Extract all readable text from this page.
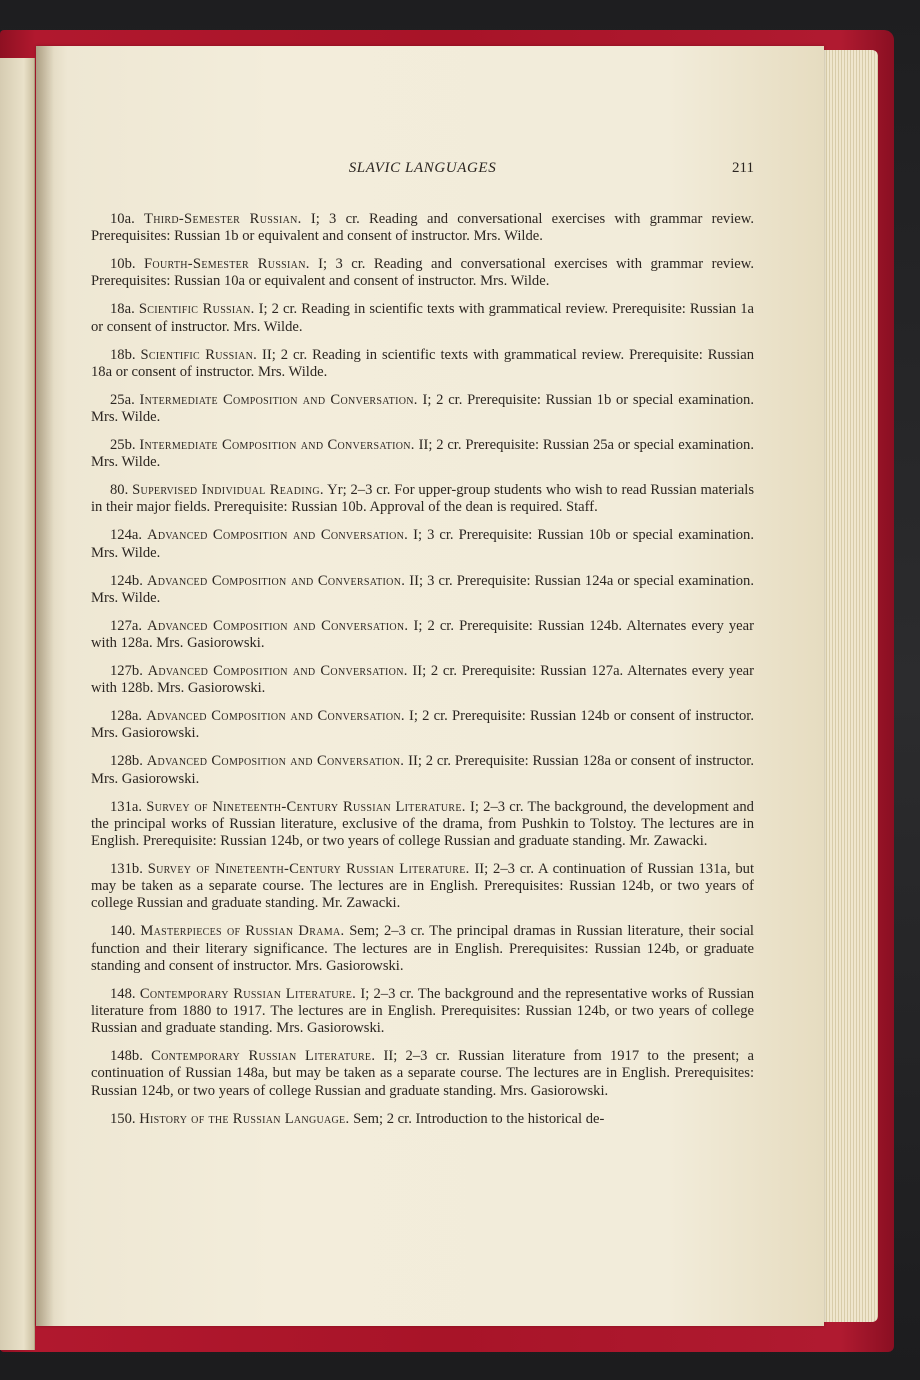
SLAVIC LANGUAGES	211

10a. Third-Semester Russian. I; 3 cr. Reading and conversational exercises with grammar review. Prerequisites: Russian 1b or equivalent and consent of instructor. Mrs. Wilde.

10b. Fourth-Semester Russian. I; 3 cr. Reading and conversational exercises with grammar review. Prerequisites: Russian 10a or equivalent and consent of instructor. Mrs. Wilde.

18a. Scientific Russian. I; 2 cr. Reading in scientific texts with grammatical review. Prerequisite: Russian 1a or consent of instructor. Mrs. Wilde.

18b. Scientific Russian. II; 2 cr. Reading in scientific texts with grammatical review. Prerequisite: Russian 18a or consent of instructor. Mrs. Wilde.

25a. Intermediate Composition and Conversation. I; 2 cr. Prerequisite: Russian 1b or special examination. Mrs. Wilde.

25b. Intermediate Composition and Conversation. II; 2 cr. Prerequisite: Russian 25a or special examination. Mrs. Wilde.

80. Supervised Individual Reading. Yr; 2–3 cr. For upper-group students who wish to read Russian materials in their major fields. Prerequisite: Russian 10b. Approval of the dean is required. Staff.

124a. Advanced Composition and Conversation. I; 3 cr. Prerequisite: Russian 10b or special examination. Mrs. Wilde.

124b. Advanced Composition and Conversation. II; 3 cr. Prerequisite: Russian 124a or special examination. Mrs. Wilde.

127a. Advanced Composition and Conversation. I; 2 cr. Prerequisite: Russian 124b. Alternates every year with 128a. Mrs. Gasiorowski.

127b. Advanced Composition and Conversation. II; 2 cr. Prerequisite: Russian 127a. Alternates every year with 128b. Mrs. Gasiorowski.

128a. Advanced Composition and Conversation. I; 2 cr. Prerequisite: Russian 124b or consent of instructor. Mrs. Gasiorowski.

128b. Advanced Composition and Conversation. II; 2 cr. Prerequisite: Russian 128a or consent of instructor. Mrs. Gasiorowski.

131a. Survey of Nineteenth-Century Russian Literature. I; 2–3 cr. The background, the development and the principal works of Russian literature, exclusive of the drama, from Pushkin to Tolstoy. The lectures are in English. Prerequisite: Russian 124b, or two years of college Russian and graduate standing. Mr. Zawacki.

131b. Survey of Nineteenth-Century Russian Literature. II; 2–3 cr. A continuation of Russian 131a, but may be taken as a separate course. The lectures are in English. Prerequisites: Russian 124b, or two years of college Russian and graduate standing. Mr. Zawacki.

140. Masterpieces of Russian Drama. Sem; 2–3 cr. The principal dramas in Russian literature, their social function and their literary significance. The lectures are in English. Prerequisites: Russian 124b, or graduate standing and consent of instructor. Mrs. Gasiorowski.

148. Contemporary Russian Literature. I; 2–3 cr. The background and the representative works of Russian literature from 1880 to 1917. The lectures are in English. Prerequisites: Russian 124b, or two years of college Russian and graduate standing. Mrs. Gasiorowski.

148b. Contemporary Russian Literature. II; 2–3 cr. Russian literature from 1917 to the present; a continuation of Russian 148a, but may be taken as a separate course. The lectures are in English. Prerequisites: Russian 124b, or two years of college Russian and graduate standing. Mrs. Gasiorowski.

150. History of the Russian Language. Sem; 2 cr. Introduction to the historical de-
